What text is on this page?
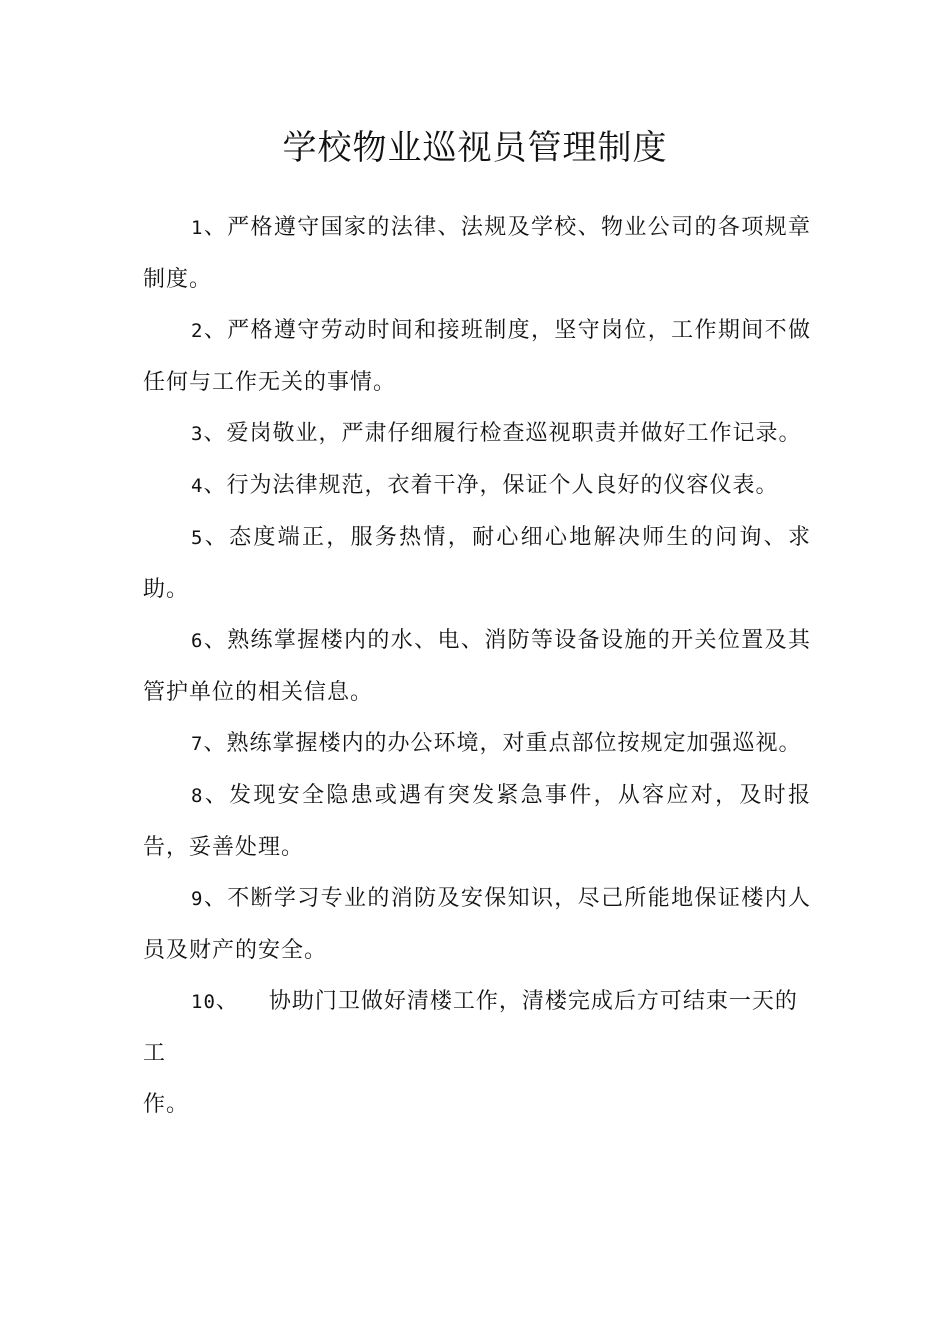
学校物业巡视员管理制度

1、严格遵守国家的法律、法规及学校、物业公司的各项规章制度。

2、严格遵守劳动时间和接班制度，坚守岗位，工作期间不做任何与工作无关的事情。

3、爱岗敬业，严肃仔细履行检查巡视职责并做好工作记录。

4、行为法律规范，衣着干净，保证个人良好的仪容仪表。

5、态度端正，服务热情，耐心细心地解决师生的问询、求助。

6、熟练掌握楼内的水、电、消防等设备设施的开关位置及其管护单位的相关信息。

7、熟练掌握楼内的办公环境，对重点部位按规定加强巡视。

8、发现安全隐患或遇有突发紧急事件，从容应对，及时报告，妥善处理。

9、不断学习专业的消防及安保知识，尽己所能地保证楼内人员及财产的安全。

10、 协助门卫做好清楼工作，清楼完成后方可结束一天的
工
作。
